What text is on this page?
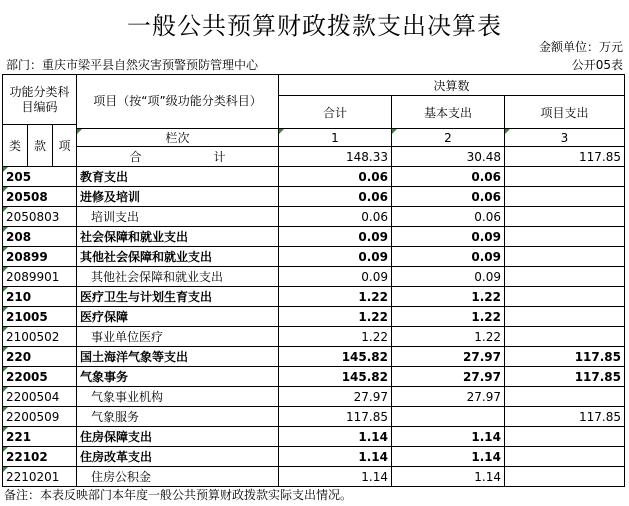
一般公共预算财政拨款支出决算表
金额单位：万元
部门：重庆市梁平县自然灾害预警预防管理中心	公开05表
功能分类科目编码			项目（按“项”级功能分类科目）	决算数		
				合计	基本支出	项目支出
类	款	项				
			栏次	1	2	3
			合　　　　　　计	148.33	30.48	117.85
205			教育支出	0.06	0.06	
20508			进修及培训	0.06	0.06	
2050803			培训支出	0.06	0.06	
208			社会保障和就业支出	0.09	0.09	
20899			其他社会保障和就业支出	0.09	0.09	
2089901			其他社会保障和就业支出	0.09	0.09	
210			医疗卫生与计划生育支出	1.22	1.22	
21005			医疗保障	1.22	1.22	
2100502			事业单位医疗	1.22	1.22	
220			国土海洋气象等支出	145.82	27.97	117.85
22005			气象事务	145.82	27.97	117.85
2200504			气象事业机构	27.97	27.97	
2200509			气象服务	117.85		117.85
221			住房保障支出	1.14	1.14	
22102			住房改革支出	1.14	1.14	
2210201			住房公积金	1.14	1.14	
备注：本表反映部门本年度一般公共预算财政拨款实际支出情况。
